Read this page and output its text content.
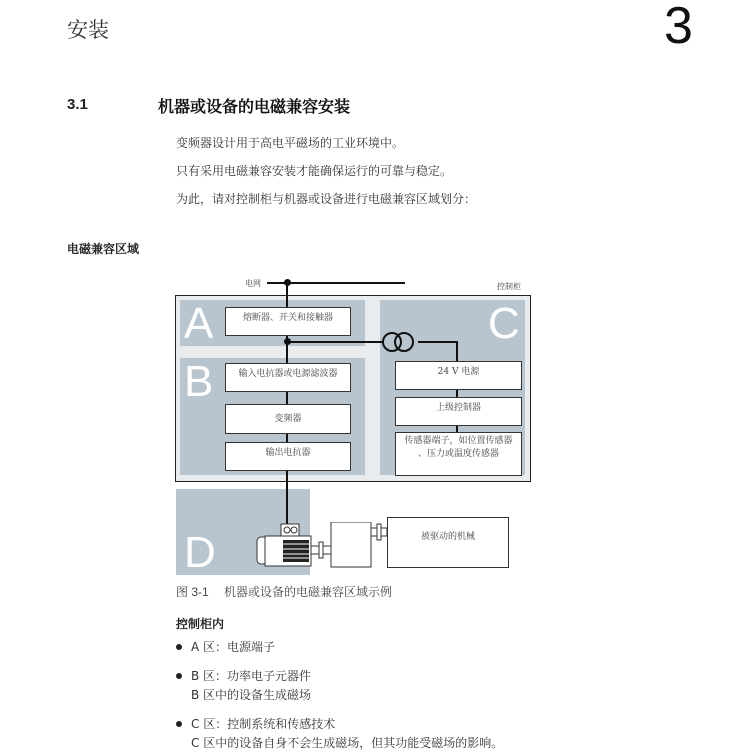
安装	3
3.1	机器或设备的电磁兼容安装
变频器设计用于高电平磁场的工业环境中。
只有采用电磁兼容安装才能确保运行的可靠与稳定。
为此，请对控制柜与机器或设备进行电磁兼容区域划分：
电磁兼容区域
电网	控制柜
A
B
C
熔断器、开关和接触器
输入电抗器或电源滤波器
变频器
输出电抗器
24 V 电源
上级控制器
传感器端子，如位置传感器
、压力或温度传感器
D	被驱动的机械
图 3-1 机器或设备的电磁兼容区域示例
控制柜内
A 区：电源端子
B 区：功率电子元器件
B 区中的设备生成磁场
C 区：控制系统和传感技术
C 区中的设备自身不会生成磁场，但其功能受磁场的影响。
